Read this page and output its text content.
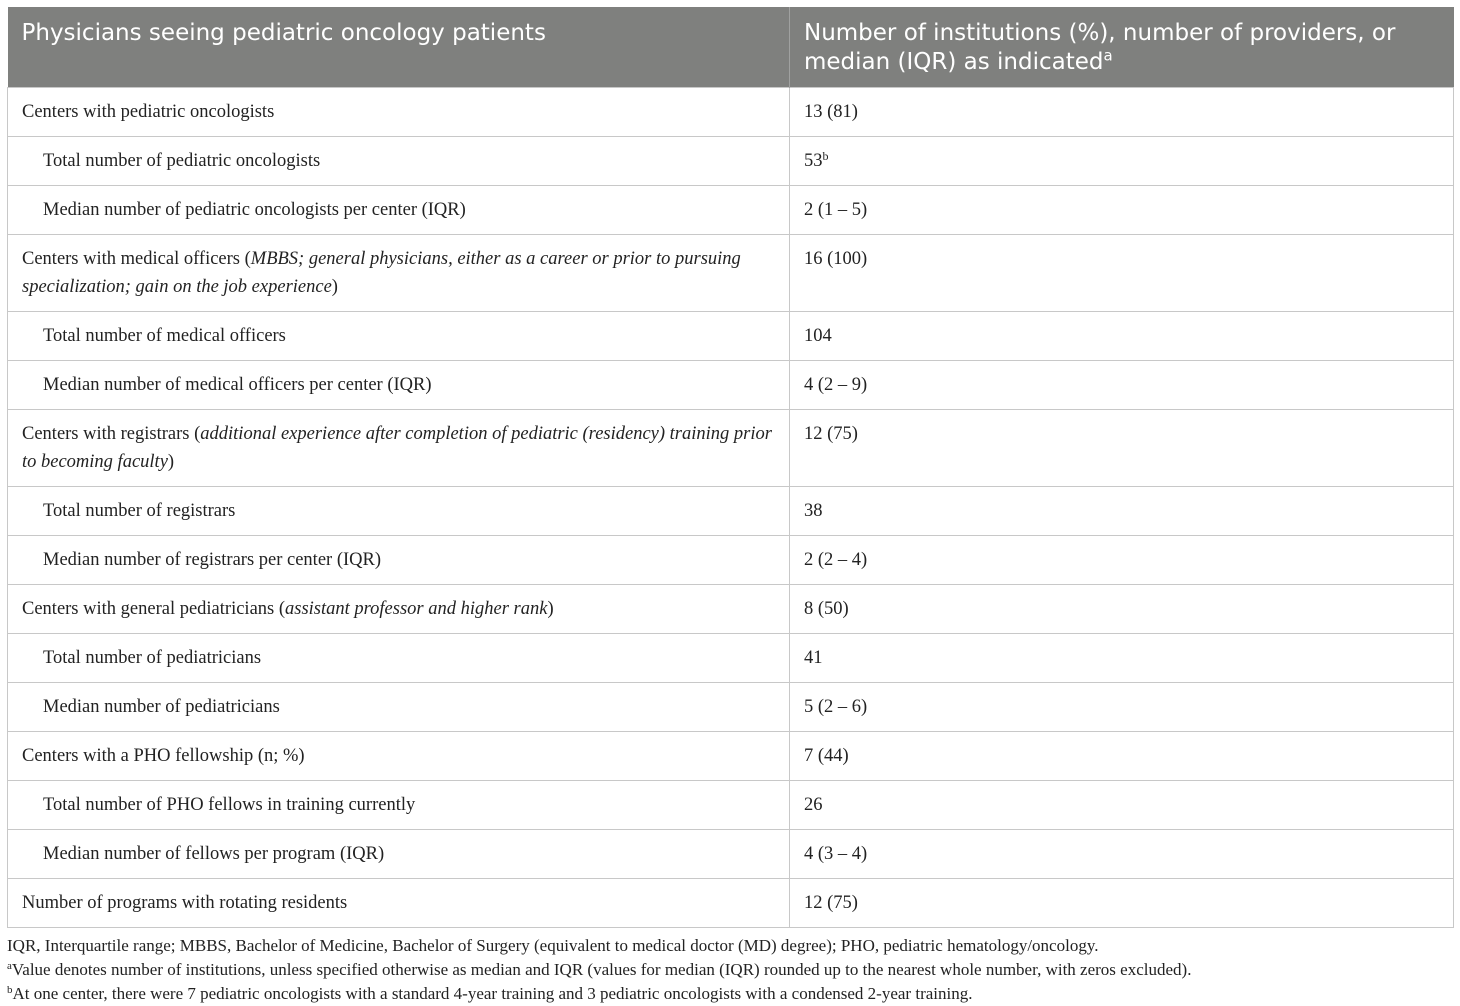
Physicians seeing pediatric oncology patients	Number of institutions (%), number of providers, or median (IQR) as indicated$^a$
Centers with pediatric oncologists	13 (81)
Total number of pediatric oncologists	53$^b$
Median number of pediatric oncologists per center (IQR)	2 (1 – 5)
Centers with medical officers (MBBS; general physicians, either as a career or prior to pursuing specialization; gain on the job experience)	16 (100)
Total number of medical officers	104
Median number of medical officers per center (IQR)	4 (2 – 9)
Centers with registrars (additional experience after completion of pediatric (residency) training prior to becoming faculty)	12 (75)
Total number of registrars	38
Median number of registrars per center (IQR)	2 (2 – 4)
Centers with general pediatricians (assistant professor and higher rank)	8 (50)
Total number of pediatricians	41
Median number of pediatricians	5 (2 – 6)
Centers with a PHO fellowship (n; %)	7 (44)
Total number of PHO fellows in training currently	26
Median number of fellows per program (IQR)	4 (3 – 4)
Number of programs with rotating residents	12 (75)

IQR, Interquartile range; MBBS, Bachelor of Medicine, Bachelor of Surgery (equivalent to medical doctor (MD) degree); PHO, pediatric hematology/oncology.

$^a$Value denotes number of institutions, unless specified otherwise as median and IQR (values for median (IQR) rounded up to the nearest whole number, with zeros excluded).

$^b$At one center, there were 7 pediatric oncologists with a standard 4-year training and 3 pediatric oncologists with a condensed 2-year training.
